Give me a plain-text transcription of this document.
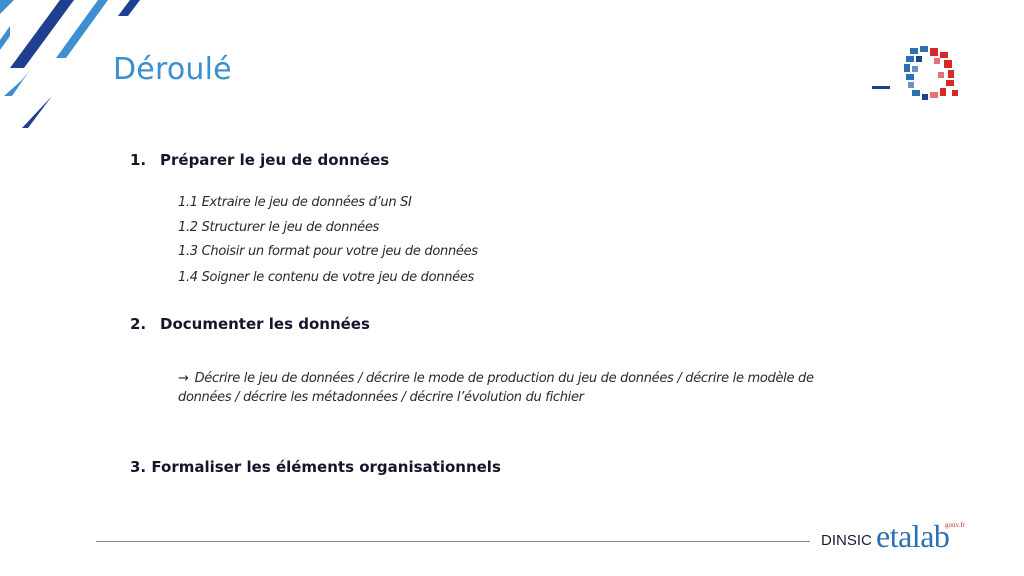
Déroulé
1. Préparer le jeu de données
1.1 Extraire le jeu de données d’un SI
1.2 Structurer le jeu de données
1.3 Choisir un format pour votre jeu de données
1.4 Soigner le contenu de votre jeu de données
2. Documenter les données
→ Décrire le jeu de données / décrire le mode de production du jeu de données / décrire le modèle de données / décrire les métadonnées / décrire l’évolution du fichier
3. Formaliser les éléments organisationnels
DINSIC etalab
gouv.fr
